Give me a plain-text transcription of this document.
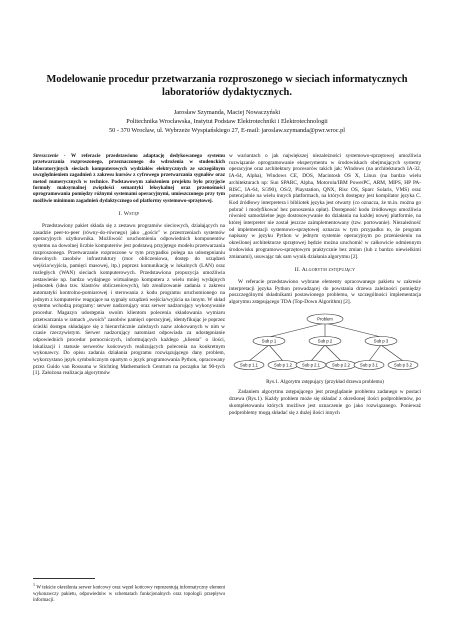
Modelowanie procedur przetwarzania rozproszonego w sieciach informatycznych laboratoriów dydaktycznych.
Jarosław Szymanda, Maciej Nowaczyński
Politechnika Wrocławska, Instytut Podstaw Elektrotechniki i Elektrotechnologii
50 - 370 Wrocław, ul. Wybrzeże Wyspiańskiego 27, E-mail: jaroslaw.szymanda@pwr.wroc.pl

Streszczenie - W referacie przedstawiono adaptację dedykowanego systemu przetwarzania rozproszonego, przeznaczonego do wdrożenia w studenckich laboratoryjnych sieciach komputerowych wydziałów elektrycznych ze szczególnym uwzględnieniem zagadnień z zakresu kursów z cyfrowego przetwarzania sygnałów oraz metod numerycznych w technice. Podstawowym założeniem projektu było przyjęcie formuły maksymalnej zwięzłości semantyki leksykalnej oraz przenośności oprogramowania pomiędzy różnymi systemami operacyjnymi, umieszczonego przy tym możliwie minimum zagadnień dydaktycznego od platformy systemowo-sprzętowej.

I. Wstęp

Przedstawiony pakiet składa się z zestawu programów sieciowych, działających na zasadzie peer-to-peer (równy-do-równego) jako „gościε" w przestrzeniach systemów operacyjnych użytkownika. Możliwość uruchomienia odpowiednich komponentów systemu na dowolnej liczbie komputerów jest podstawą przyjętego modelu przetwarzania rozproszonego. Przetwarzanie rozproszone w tym przypadku polega na udostępnianiu dowolnych zasobów infrastruktury (moc obliczeniowa, dostęp do urządzeń wejścia/wyjścia, pamięci masowej, itp.) poprzez komunikację w lokalnych (LAN) oraz rozległych (WAN) sieciach komputerowych. Przedstawiona propozycja umożliwia zestawienie np. bardzo wydajnego wirtualnego komputera z wielu mniej wydajnych jednostek (idea tzw. klastrów obliczeniowych), lub zrealizowanie zadania z zakresu automatyki kontrolno-pomiarowej i sterowania z kodu programu uruchomionego na jednym z komputerów reagujące na sygnały urządzeń wejścia/wyjścia na innym. W skład systemu wchodzą programy: serwer nadzorujący oraz serwer nadzorujący wykonywanie procedur. Magazyn udostępnia swoim klientom polecenia składowania wymiaru przetwarzania w ramach „swoich" zasobów pamięci operacyjnej, identyfikując je poprzez ścieżki dostępu składające się z hierarchicznie zależnych nazw alokowanych w nim w czasie rzeczywistym. Serwer nadzorujący natomiast odpowiada za udostępnianie odpowiednich procedur pomocniczych, informujących każdego „klienta" o ilości, lokalizacji i statusie serwerów końcowych realizujących polecenia na konkretnym wykonawcy. Do opisu zadania działania programu rozwiązującego dany problem, wykorzystano język symbolicznym opartym o język programowania Python, opracowany przez Guido van Rossuma w Stichting Mathematisch Centrum na początku lat 90-tych [1]. Założona realizacja algorytmów

$^1$ W tekście określenia serwer końcowy oraz węzeł końcowy reprezentują informatyczny element wykonawczy pakietu, odpowiedniw w schematach funkcjonalnych oraz topologii przepływu informacji.

w wariantach o jak największej niezależności systemowo-sprzętowej umożliwia rozwiązanie oprogramowanie eksperymentu w środowiskach obejmujących systemy operacyjne oraz architektury procesorów takich jak: Windows (na architekturach IA-32, IA-64, Alpha), Windows CE, DOS, Macintosh OS X, Linux (na bardzo wielu architekturach np: Sun SPARC, Alpha, Motorola/IBM PowerPC, ARM, MIPS, HP PA-RISC, IA-64, S/390), OS/2, Playstation, QNX, Risc OS, Sparc Solaris, VMS) oraz potencjalnie na wielu innych platformach, na których dostępny jest kompilator języka C. Kod źródłowy interpretera i bibliotek języka jest otwarty (co oznacza, że m.in. można go pobrać i modyfikować bez ponoszenia opłat). Dostępność kodu źródłowego umożliwia również samodzielne jego dostosowywanie do działania na każdej nowej platformie, na której interpreter nie został jeszcze zaimplementowany (tzw. portowanie). Niezależność od implementacji systemowo-sprzętowej oznacza w tym przypadku to, że program napisany w języku Python w jednym systemie operacyjnym po przeniesieniu na określonej architekturze sprzętowej będzie można uruchomić w całkowicie odmiennym środowisku programowo-sprzętowym praktycznie bez zmian (lub z bardzo niewielkimi zmianami), usuwając tak sam wynik działania algorytmu [2].

II. Algorytm zstępujący

W referacie przedstawiono wybrane elementy opracowanego pakietu w zakresie interpretacji języka Python prowadzącej do powstania drzewa zależności pomiędzy poszczególnymi składnikami postawionego problemu, w szczególności implementacja algorytmu zstępującego TDA (Top-Down Algorithm) [2].

Problem
Sub p 1	Sub p 2	Sub p 3
Sub p 1.1	Sub p 1.2 Sub p 2.1	Sub p 2.2 Sub p 3.1	Sub p 3.2
Rys.1. Algorytm zstępujący (przykład drzewa problemu)

Zadaniem algorytmu zstępującego jest przeglądanie problemu zadanego w postaci drzewa (Rys.1). Każdy problem może się składać z określonej ilości podproblemów, po skompletowaniu których możliwe jest oznaczenie go jako rozwiązanego. Ponieważ podproblemy mogą składać się z dużej ilości innych
